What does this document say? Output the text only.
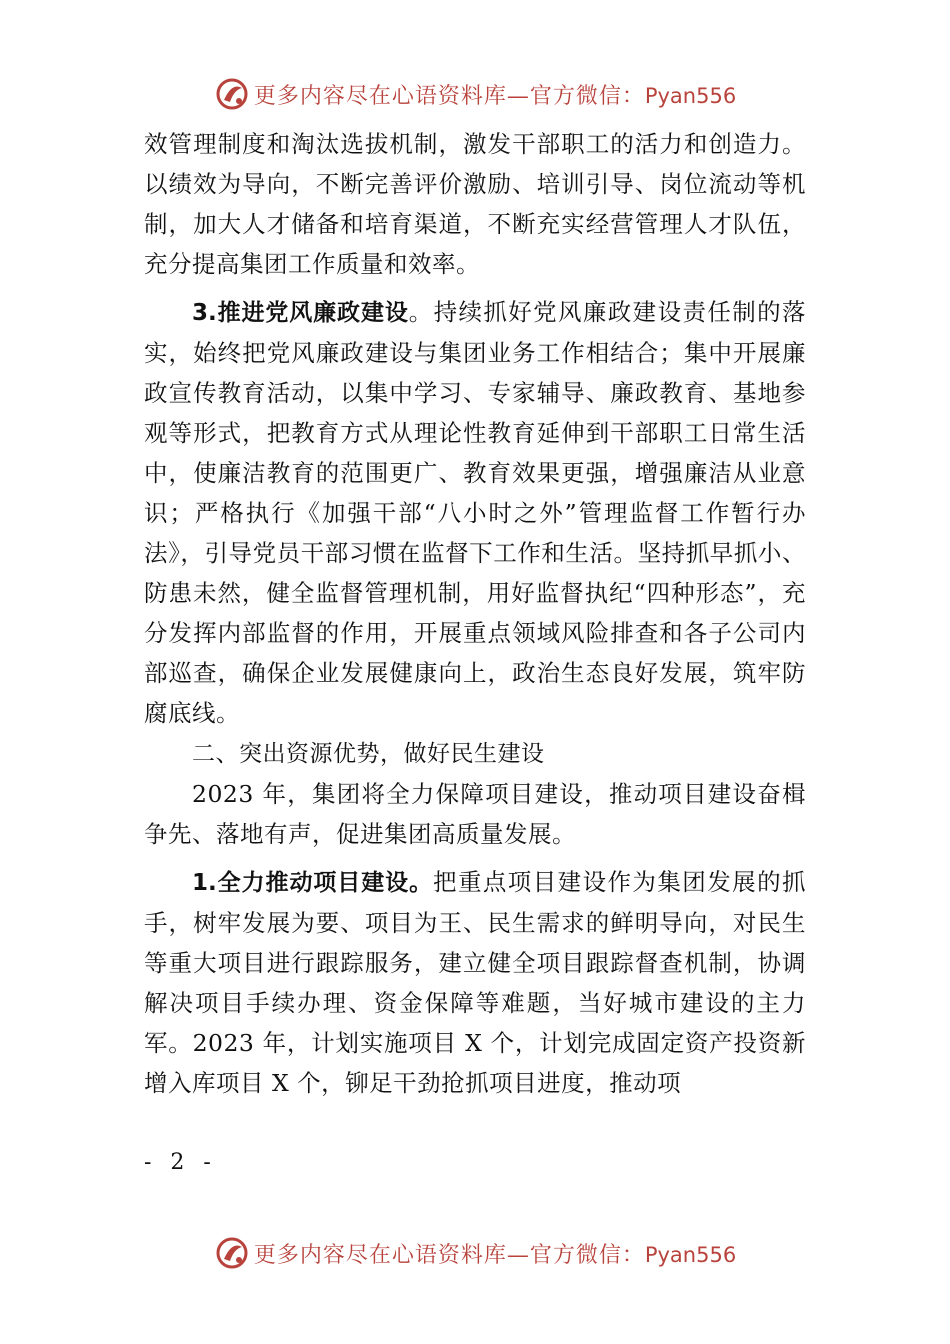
更多内容尽在心语资料库—官方微信：Pyan556

效管理制度和淘汰选拔机制，激发干部职工的活力和创造力。以绩效为导向，不断完善评价激励、培训引导、岗位流动等机制，加大人才储备和培育渠道，不断充实经营管理人才队伍，充分提高集团工作质量和效率。

3.推进党风廉政建设。持续抓好党风廉政建设责任制的落实，始终把党风廉政建设与集团业务工作相结合；集中开展廉政宣传教育活动，以集中学习、专家辅导、廉政教育、基地参观等形式，把教育方式从理论性教育延伸到干部职工日常生活中，使廉洁教育的范围更广、教育效果更强，增强廉洁从业意识；严格执行《加强干部“八小时之外”管理监督工作暂行办法》，引导党员干部习惯在监督下工作和生活。坚持抓早抓小、防患未然，健全监督管理机制，用好监督执纪“四种形态”，充分发挥内部监督的作用，开展重点领域风险排查和各子公司内部巡查，确保企业发展健康向上，政治生态良好发展，筑牢防腐底线。

二、突出资源优势，做好民生建设

2023 年，集团将全力保障项目建设，推动项目建设奋楫争先、落地有声，促进集团高质量发展。

1.全力推动项目建设。把重点项目建设作为集团发展的抓手，树牢发展为要、项目为王、民生需求的鲜明导向，对民生等重大项目进行跟踪服务，建立健全项目跟踪督查机制，协调解决项目手续办理、资金保障等难题，当好城市建设的主力军。2023 年，计划实施项目 X 个，计划完成固定资产投资新增入库项目 X 个，铆足干劲抢抓项目进度，推动项

- 2 -
更多内容尽在心语资料库—官方微信：Pyan556
